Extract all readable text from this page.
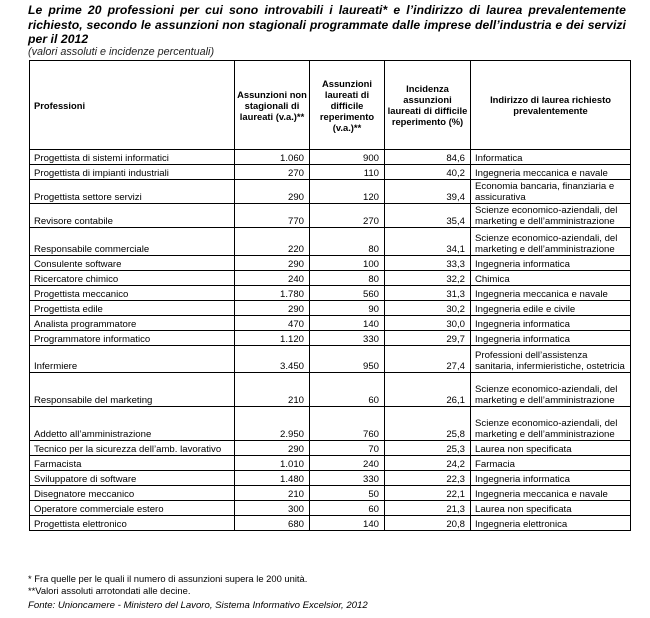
Le prime 20 professioni per cui sono introvabili i laureati* e l’indirizzo di laurea prevalentemente richiesto, secondo le assunzioni non stagionali programmate dalle imprese dell’industria e dei servizi per il 2012
(valori assoluti e incidenze percentuali)
Professioni	Assunzioni non stagionali di laureati (v.a.)**	Assunzioni laureati di difficile reperimento (v.a.)**	Incidenza assunzioni laureati di difficile reperimento (%)	Indirizzo di laurea richiesto prevalentemente
Progettista di sistemi informatici	1.060	900	84,6	Informatica
Progettista di impianti industriali	270	110	40,2	Ingegneria meccanica e navale
Progettista settore servizi	290	120	39,4	Economia bancaria, finanziaria e assicurativa
Revisore contabile	770	270	35,4	Scienze economico-aziendali, del marketing e dell’amministrazione
Responsabile commerciale	220	80	34,1	Scienze economico-aziendali, del marketing e dell’amministrazione
Consulente software	290	100	33,3	Ingegneria informatica
Ricercatore chimico	240	80	32,2	Chimica
Progettista meccanico	1.780	560	31,3	Ingegneria meccanica e navale
Progettista edile	290	90	30,2	Ingegneria edile e civile
Analista programmatore	470	140	30,0	Ingegneria informatica
Programmatore informatico	1.120	330	29,7	Ingegneria informatica
Infermiere	3.450	950	27,4	Professioni dell’assistenza sanitaria, infermieristiche, ostetricia
Responsabile del marketing	210	60	26,1	Scienze economico-aziendali, del marketing e dell’amministrazione
Addetto all’amministrazione	2.950	760	25,8	Scienze economico-aziendali, del marketing e dell’amministrazione
Tecnico per la sicurezza dell’amb. lavorativo	290	70	25,3	Laurea non specificata
Farmacista	1.010	240	24,2	Farmacia
Sviluppatore di software	1.480	330	22,3	Ingegneria informatica
Disegnatore meccanico	210	50	22,1	Ingegneria meccanica e navale
Operatore commerciale estero	300	60	21,3	Laurea non specificata
Progettista elettronico	680	140	20,8	Ingegneria elettronica
* Fra quelle per le quali il numero di assunzioni supera le 200 unità.
**Valori assoluti arrotondati alle decine.
Fonte: Unioncamere - Ministero del Lavoro, Sistema Informativo Excelsior, 2012
